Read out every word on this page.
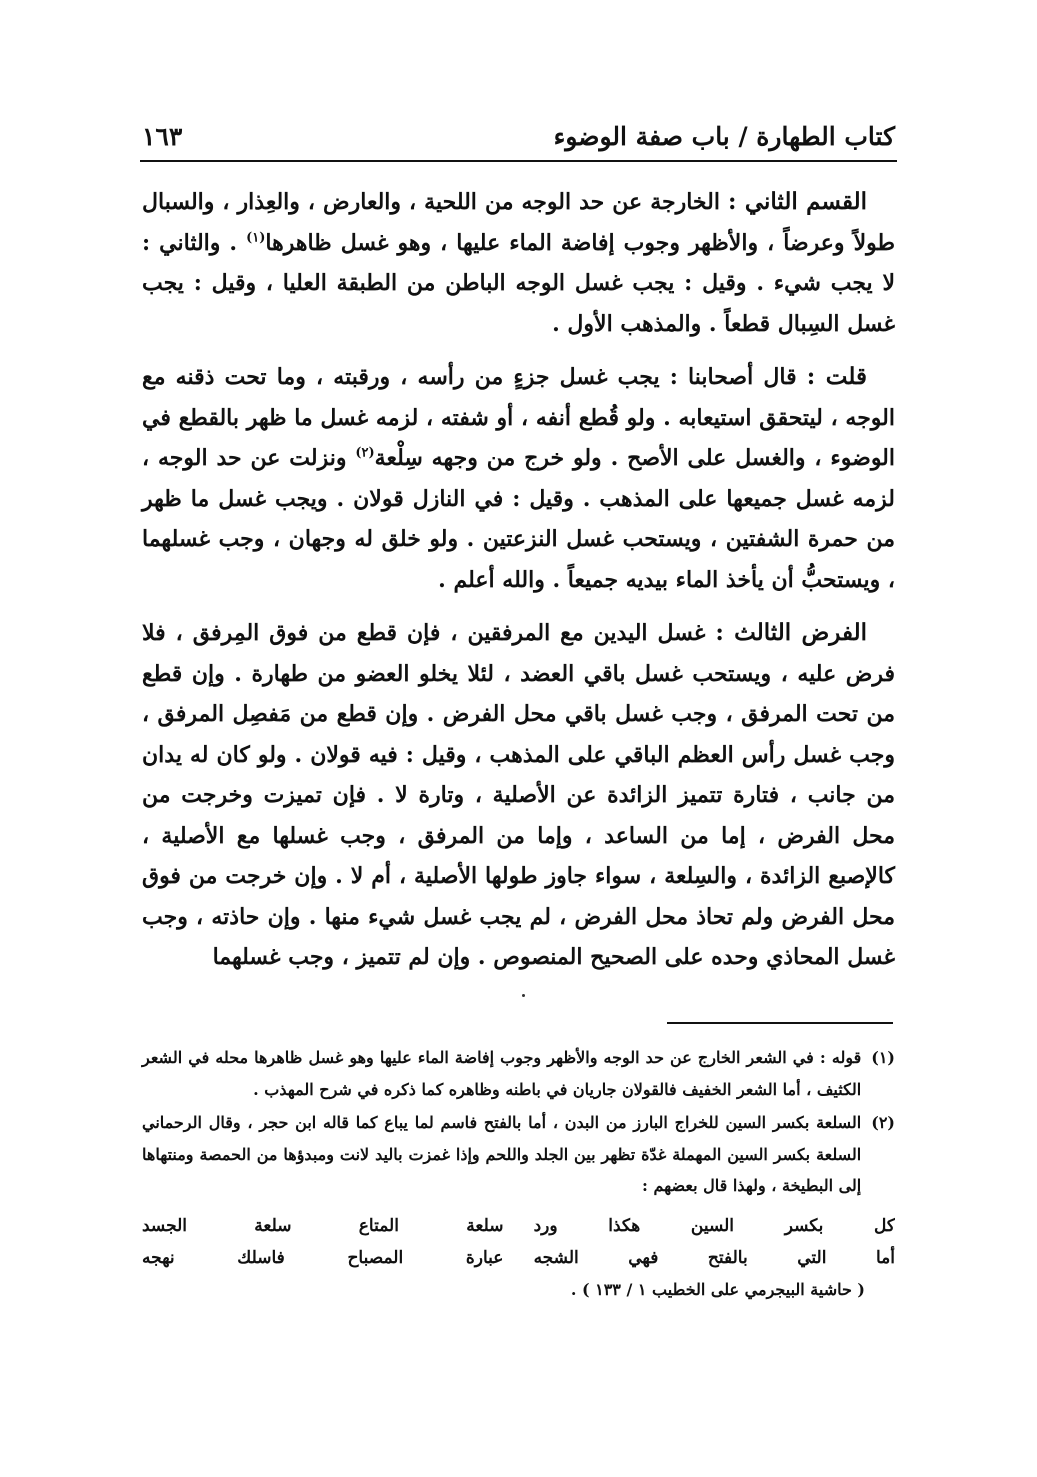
كتاب الطهارة / باب صفة الوضوء
١٦٣

القسم الثاني : الخارجة عن حد الوجه من اللحية ، والعارض ، والعِذار ، والسبال طولاً وعرضاً ، والأظهر وجوب إفاضة الماء عليها ، وهو غسل ظاهرها$^{(١)}$ . والثاني : لا يجب شيء . وقيل : يجب غسل الوجه الباطن من الطبقة العليا ، وقيل : يجب غسل السِبال قطعاً . والمذهب الأول .

قلت : قال أصحابنا : يجب غسل جزءٍ من رأسه ، ورقبته ، وما تحت ذقنه مع الوجه ، ليتحقق استيعابه . ولو قُطع أنفه ، أو شفته ، لزمه غسل ما ظهر بالقطع في الوضوء ، والغسل على الأصح . ولو خرج من وجهه سِلْعة$^{(٢)}$ ونزلت عن حد الوجه ، لزمه غسل جميعها على المذهب . وقيل : في النازل قولان . ويجب غسل ما ظهر من حمرة الشفتين ، ويستحب غسل النزعتين . ولو خلق له وجهان ، وجب غسلهما ، ويستحبُّ أن يأخذ الماء بيديه جميعاً . والله أعلم .

الفرض الثالث : غسل اليدين مع المرفقين ، فإن قطع من فوق المِرفق ، فلا فرض عليه ، ويستحب غسل باقي العضد ، لئلا يخلو العضو من طهارة . وإن قطع من تحت المرفق ، وجب غسل باقي محل الفرض . وإن قطع من مَفصِل المرفق ، وجب غسل رأس العظم الباقي على المذهب ، وقيل : فيه قولان . ولو كان له يدان من جانب ، فتارة تتميز الزائدة عن الأصلية ، وتارة لا . فإن تميزت وخرجت من محل الفرض ، إما من الساعد ، وإما من المرفق ، وجب غسلها مع الأصلية ، كالإصبع الزائدة ، والسِلعة ، سواء جاوز طولها الأصلية ، أم لا . وإن خرجت من فوق محل الفرض ولم تحاذ محل الفرض ، لم يجب غسل شيء منها . وإن حاذته ، وجب غسل المحاذي وحده على الصحيح المنصوص . وإن لم تتميز ، وجب غسلهما

(١)
قوله : في الشعر الخارج عن حد الوجه والأظهر وجوب إفاضة الماء عليها وهو غسل ظاهرها محله في الشعر الكثيف ، أما الشعر الخفيف فالقولان جاريان في باطنه وظاهره كما ذكره في شرح المهذب .
(٢)
السلعة بكسر السين للخراج البارز من البدن ، أما بالفتح فاسم لما يباع كما قاله ابن حجر ، وقال الرحماني السلعة بكسر السين المهملة غدّة تظهر بين الجلد واللحم وإذا غمزت باليد لانت ومبدؤها من الحمصة ومنتهاها إلى البطيخة ، ولهذا قال بعضهم :
كل بكسر السين هكذا ورد
سلعة المتاع سلعة الجسد
أما التي بالفتح فهي الشجه
عبارة المصباح فاسلك نهجه
( حاشية البيجرمي على الخطيب ١ / ١٣٣ ) .
